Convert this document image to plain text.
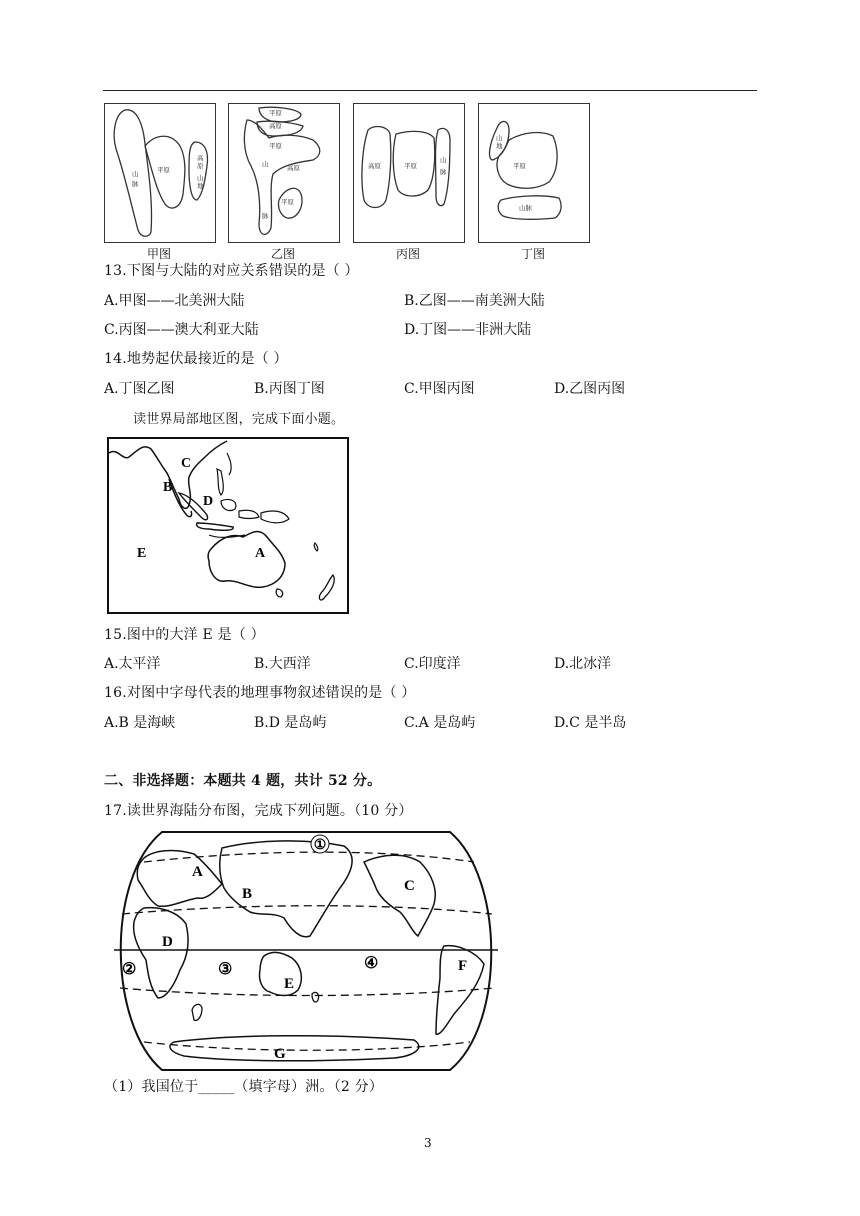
山
脉
平原
高
原
山
地
平原
高原
平原
山	高原
平原
脉
高原	平原
山
脉
山
地
平原
山脉
甲图	乙图	丙图	丁图
13.下图与大陆的对应关系错误的是（ ）
A.甲图——北美洲大陆	B.乙图——南美洲大陆
C.丙图——澳大利亚大陆	D.丁图——非洲大陆
14.地势起伏最接近的是（ ）
A.丁图乙图	B.丙图丁图	C.甲图丙图	D.乙图丙图
读世界局部地区图，完成下面小题。
C
B
D
E	A
15.图中的大洋 E 是（ ）
A.太平洋	B.大西洋	C.印度洋	D.北冰洋
16.对图中字母代表的地理事物叙述错误的是（ ）
A.B 是海峡	B.D 是岛屿	C.A 是岛屿	D.C 是半岛
二、非选择题：本题共 4 题，共计 52 分。
17.读世界海陆分布图，完成下列问题。（10 分）
①
A
B	C
D
②	③	④
E
F
G
（1）我国位于_____（填字母）洲。（2 分）
3
